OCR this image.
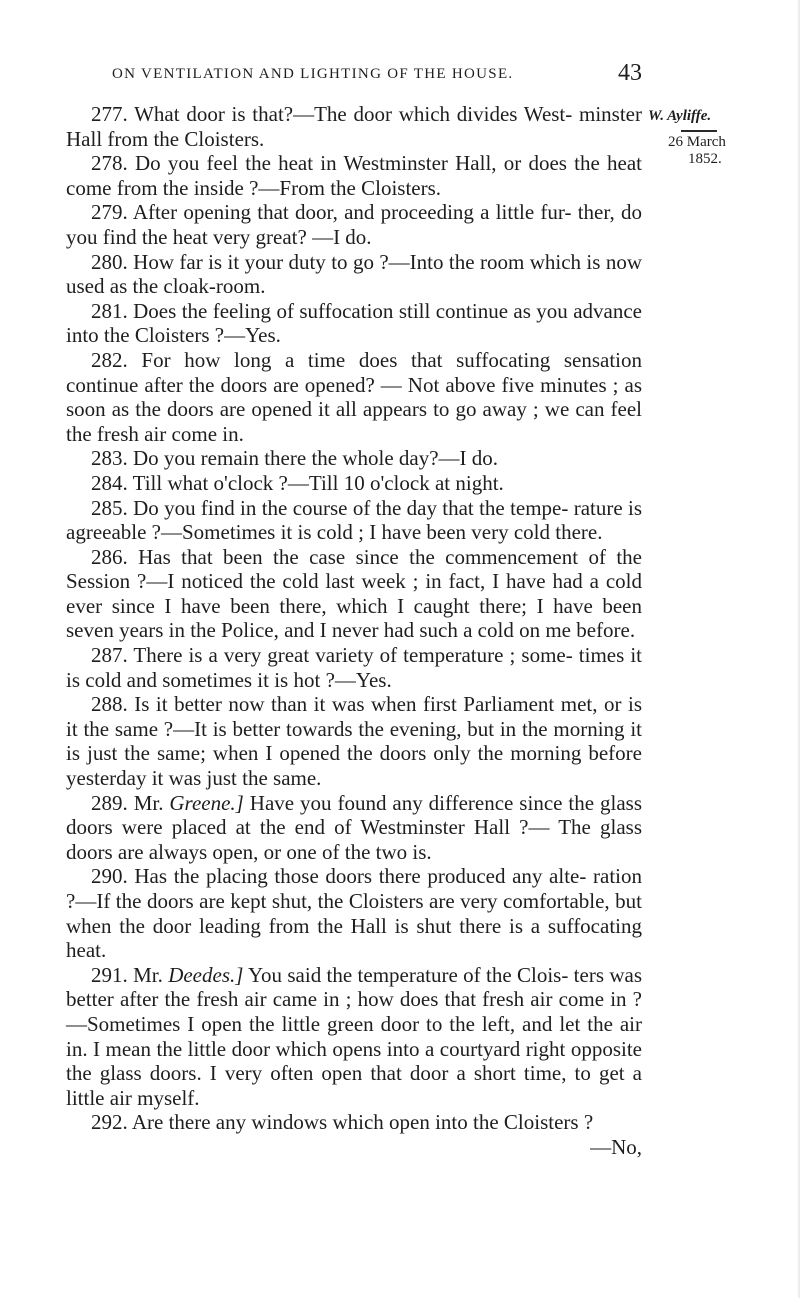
ON VENTILATION AND LIGHTING OF THE HOUSE.	43
W. Ayliffe.
26 March
1852.

277. What door is that?—The door which divides West- minster Hall from the Cloisters.

278. Do you feel the heat in Westminster Hall, or does the heat come from the inside ?—From the Cloisters.

279. After opening that door, and proceeding a little fur- ther, do you find the heat very great? —I do.

280. How far is it your duty to go ?—Into the room which is now used as the cloak-room.

281. Does the feeling of suffocation still continue as you advance into the Cloisters ?—Yes.

282. For how long a time does that suffocating sensation continue after the doors are opened? — Not above five minutes ; as soon as the doors are opened it all appears to go away ; we can feel the fresh air come in.

283. Do you remain there the whole day?—I do.

284. Till what o'clock ?—Till 10 o'clock at night.

285. Do you find in the course of the day that the tempe- rature is agreeable ?—Sometimes it is cold ; I have been very cold there.

286. Has that been the case since the commencement of the Session ?—I noticed the cold last week ; in fact, I have had a cold ever since I have been there, which I caught there; I have been seven years in the Police, and I never had such a cold on me before.

287. There is a very great variety of temperature ; some- times it is cold and sometimes it is hot ?—Yes.

288. Is it better now than it was when first Parliament met, or is it the same ?—It is better towards the evening, but in the morning it is just the same; when I opened the doors only the morning before yesterday it was just the same.

289. Mr. Greene.] Have you found any difference since the glass doors were placed at the end of Westminster Hall ?— The glass doors are always open, or one of the two is.

290. Has the placing those doors there produced any alte- ration ?—If the doors are kept shut, the Cloisters are very comfortable, but when the door leading from the Hall is shut there is a suffocating heat.

291. Mr. Deedes.] You said the temperature of the Clois- ters was better after the fresh air came in ; how does that fresh air come in ?—Sometimes I open the little green door to the left, and let the air in. I mean the little door which opens into a courtyard right opposite the glass doors. I very often open that door a short time, to get a little air myself.

292. Are there any windows which open into the Cloisters ?

—No,
